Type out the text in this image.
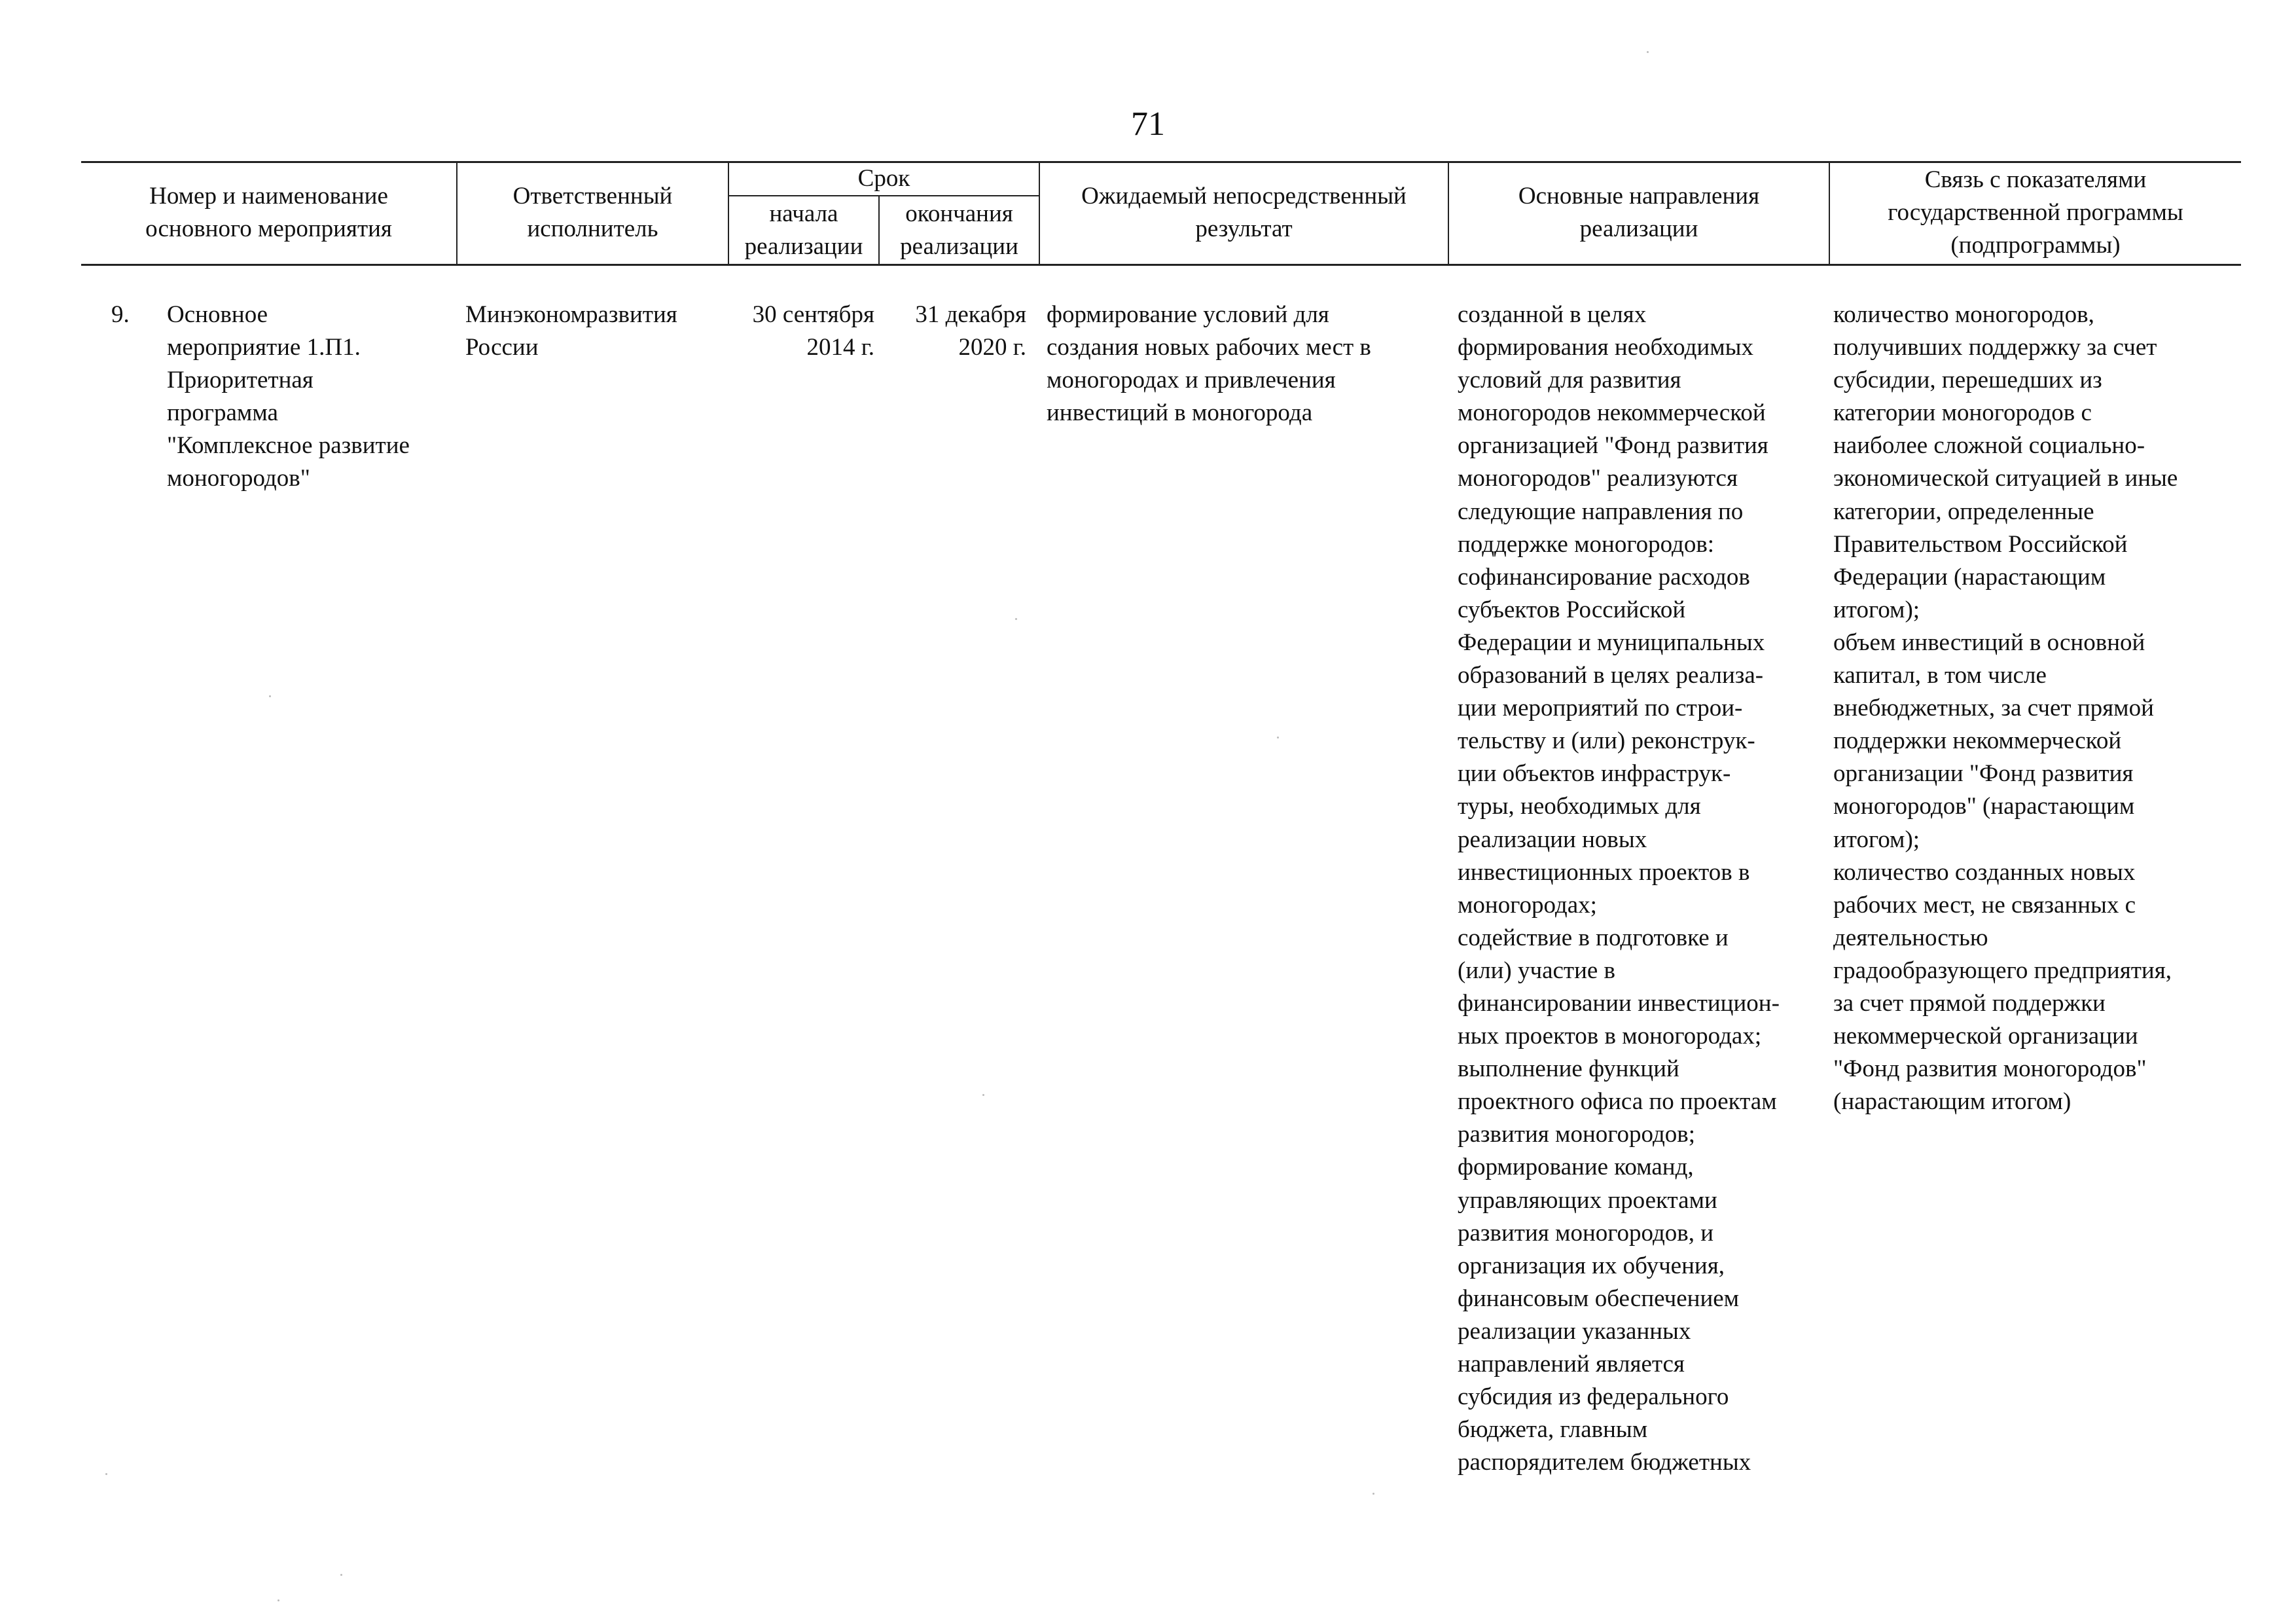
71
Номер и наименование
основного мероприятия
Ответственный
исполнитель
Срок
начала
реализации
окончания
реализации
Ожидаемый непосредственный
результат
Основные направления
реализации
Связь с показателями
государственной программы
(подпрограммы)
9. Основное
мероприятие 1.П1.
Приоритетная
программа
"Комплексное развитие
моногородов"
Минэкономразвития
России
30 сентября
2014 г.
31 декабря
2020 г.
формирование условий для
создания новых рабочих мест в
моногородах и привлечения
инвестиций в моногорода
созданной в целях
формирования необходимых
условий для развития
моногородов некоммерческой
организацией "Фонд развития
моногородов" реализуются
следующие направления по
поддержке моногородов:
софинансирование расходов
субъектов Российской
Федерации и муниципальных
образований в целях реализа-
ции мероприятий по строи-
тельству и (или) реконструк-
ции объектов инфраструк-
туры, необходимых для
реализации новых
инвестиционных проектов в
моногородах;
содействие в подготовке и
(или) участие в
финансировании инвестицион-
ных проектов в моногородах;
выполнение функций
проектного офиса по проектам
развития моногородов;
формирование команд,
управляющих проектами
развития моногородов, и
организация их обучения,
финансовым обеспечением
реализации указанных
направлений является
субсидия из федерального
бюджета, главным
распорядителем бюджетных
количество моногородов,
получивших поддержку за счет
субсидии, перешедших из
категории моногородов с
наиболее сложной социально-
экономической ситуацией в иные
категории, определенные
Правительством Российской
Федерации (нарастающим
итогом);
объем инвестиций в основной
капитал, в том числе
внебюджетных, за счет прямой
поддержки некоммерческой
организации "Фонд развития
моногородов" (нарастающим
итогом);
количество созданных новых
рабочих мест, не связанных с
деятельностью
градообразующего предприятия,
за счет прямой поддержки
некоммерческой организации
"Фонд развития моногородов"
(нарастающим итогом)
